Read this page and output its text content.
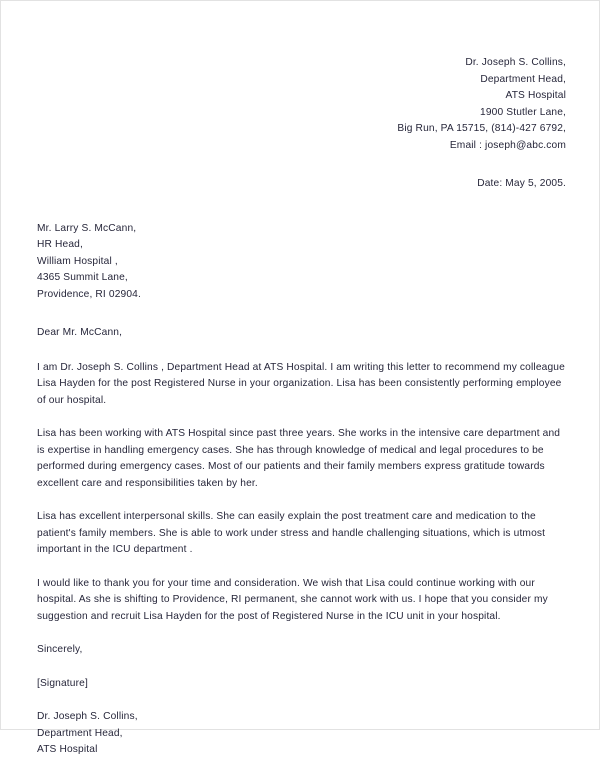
Dr. Joseph S. Collins,
Department Head,
ATS Hospital
1900 Stutler Lane,
Big Run, PA 15715, (814)-427 6792,
Email : joseph@abc.com
Date: May 5, 2005.
Mr. Larry S. McCann,
HR Head,
William Hospital ,
4365 Summit Lane,
Providence, RI 02904.
Dear Mr. McCann,

I am Dr. Joseph S. Collins , Department Head at ATS Hospital. I am writing this letter to recommend my colleague Lisa Hayden for the post Registered Nurse in your organization. Lisa has been consistently performing employee of our hospital.

Lisa has been working with ATS Hospital since past three years. She works in the intensive care department and is expertise in handling emergency cases. She has through knowledge of medical and legal procedures to be performed during emergency cases. Most of our patients and their family members express gratitude towards excellent care and responsibilities taken by her.

Lisa has excellent interpersonal skills. She can easily explain the post treatment care and medication to the patient's family members. She is able to work under stress and handle challenging situations, which is utmost important in the ICU department .

I would like to thank you for your time and consideration. We wish that Lisa could continue working with our hospital. As she is shifting to Providence, RI permanent, she cannot work with us. I hope that you consider my suggestion and recruit Lisa Hayden for the post of Registered Nurse in the ICU unit in your hospital.

Sincerely,
[Signature]
Dr. Joseph S. Collins,
Department Head,
ATS Hospital
